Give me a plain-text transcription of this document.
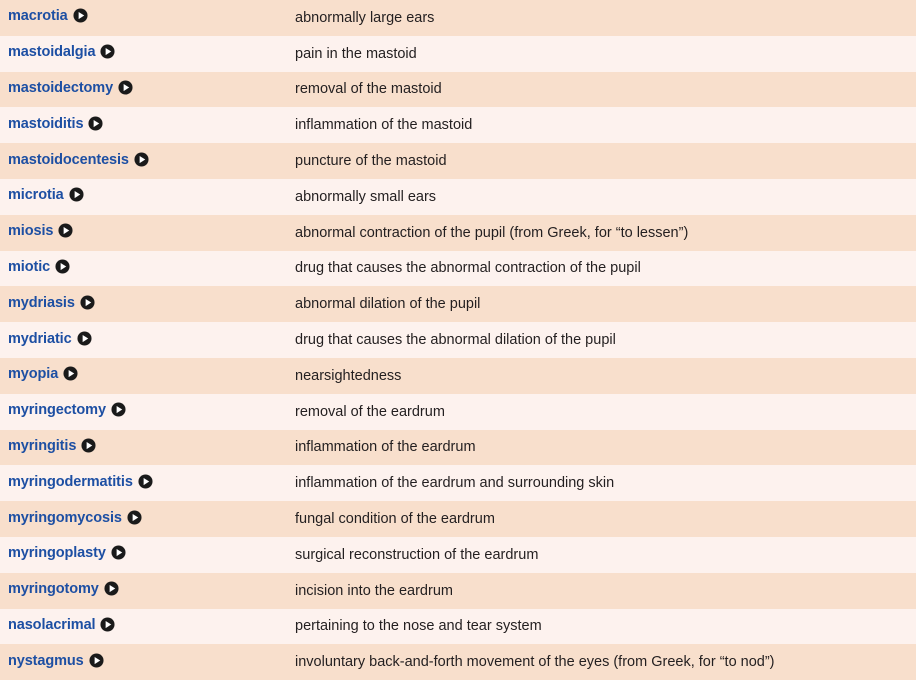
macrotia	abnormally large ears
mastoidalgia	pain in the mastoid
mastoidectomy	removal of the mastoid
mastoiditis	inflammation of the mastoid
mastoidocentesis	puncture of the mastoid
microtia	abnormally small ears
miosis	abnormal contraction of the pupil (from Greek, for “to lessen”)
miotic	drug that causes the abnormal contraction of the pupil
mydriasis	abnormal dilation of the pupil
mydriatic	drug that causes the abnormal dilation of the pupil
myopia	nearsightedness
myringectomy	removal of the eardrum
myringitis	inflammation of the eardrum
myringodermatitis	inflammation of the eardrum and surrounding skin
myringomycosis	fungal condition of the eardrum
myringoplasty	surgical reconstruction of the eardrum
myringotomy	incision into the eardrum
nasolacrimal	pertaining to the nose and tear system
nystagmus	involuntary back-and-forth movement of the eyes (from Greek, for “to nod”)
